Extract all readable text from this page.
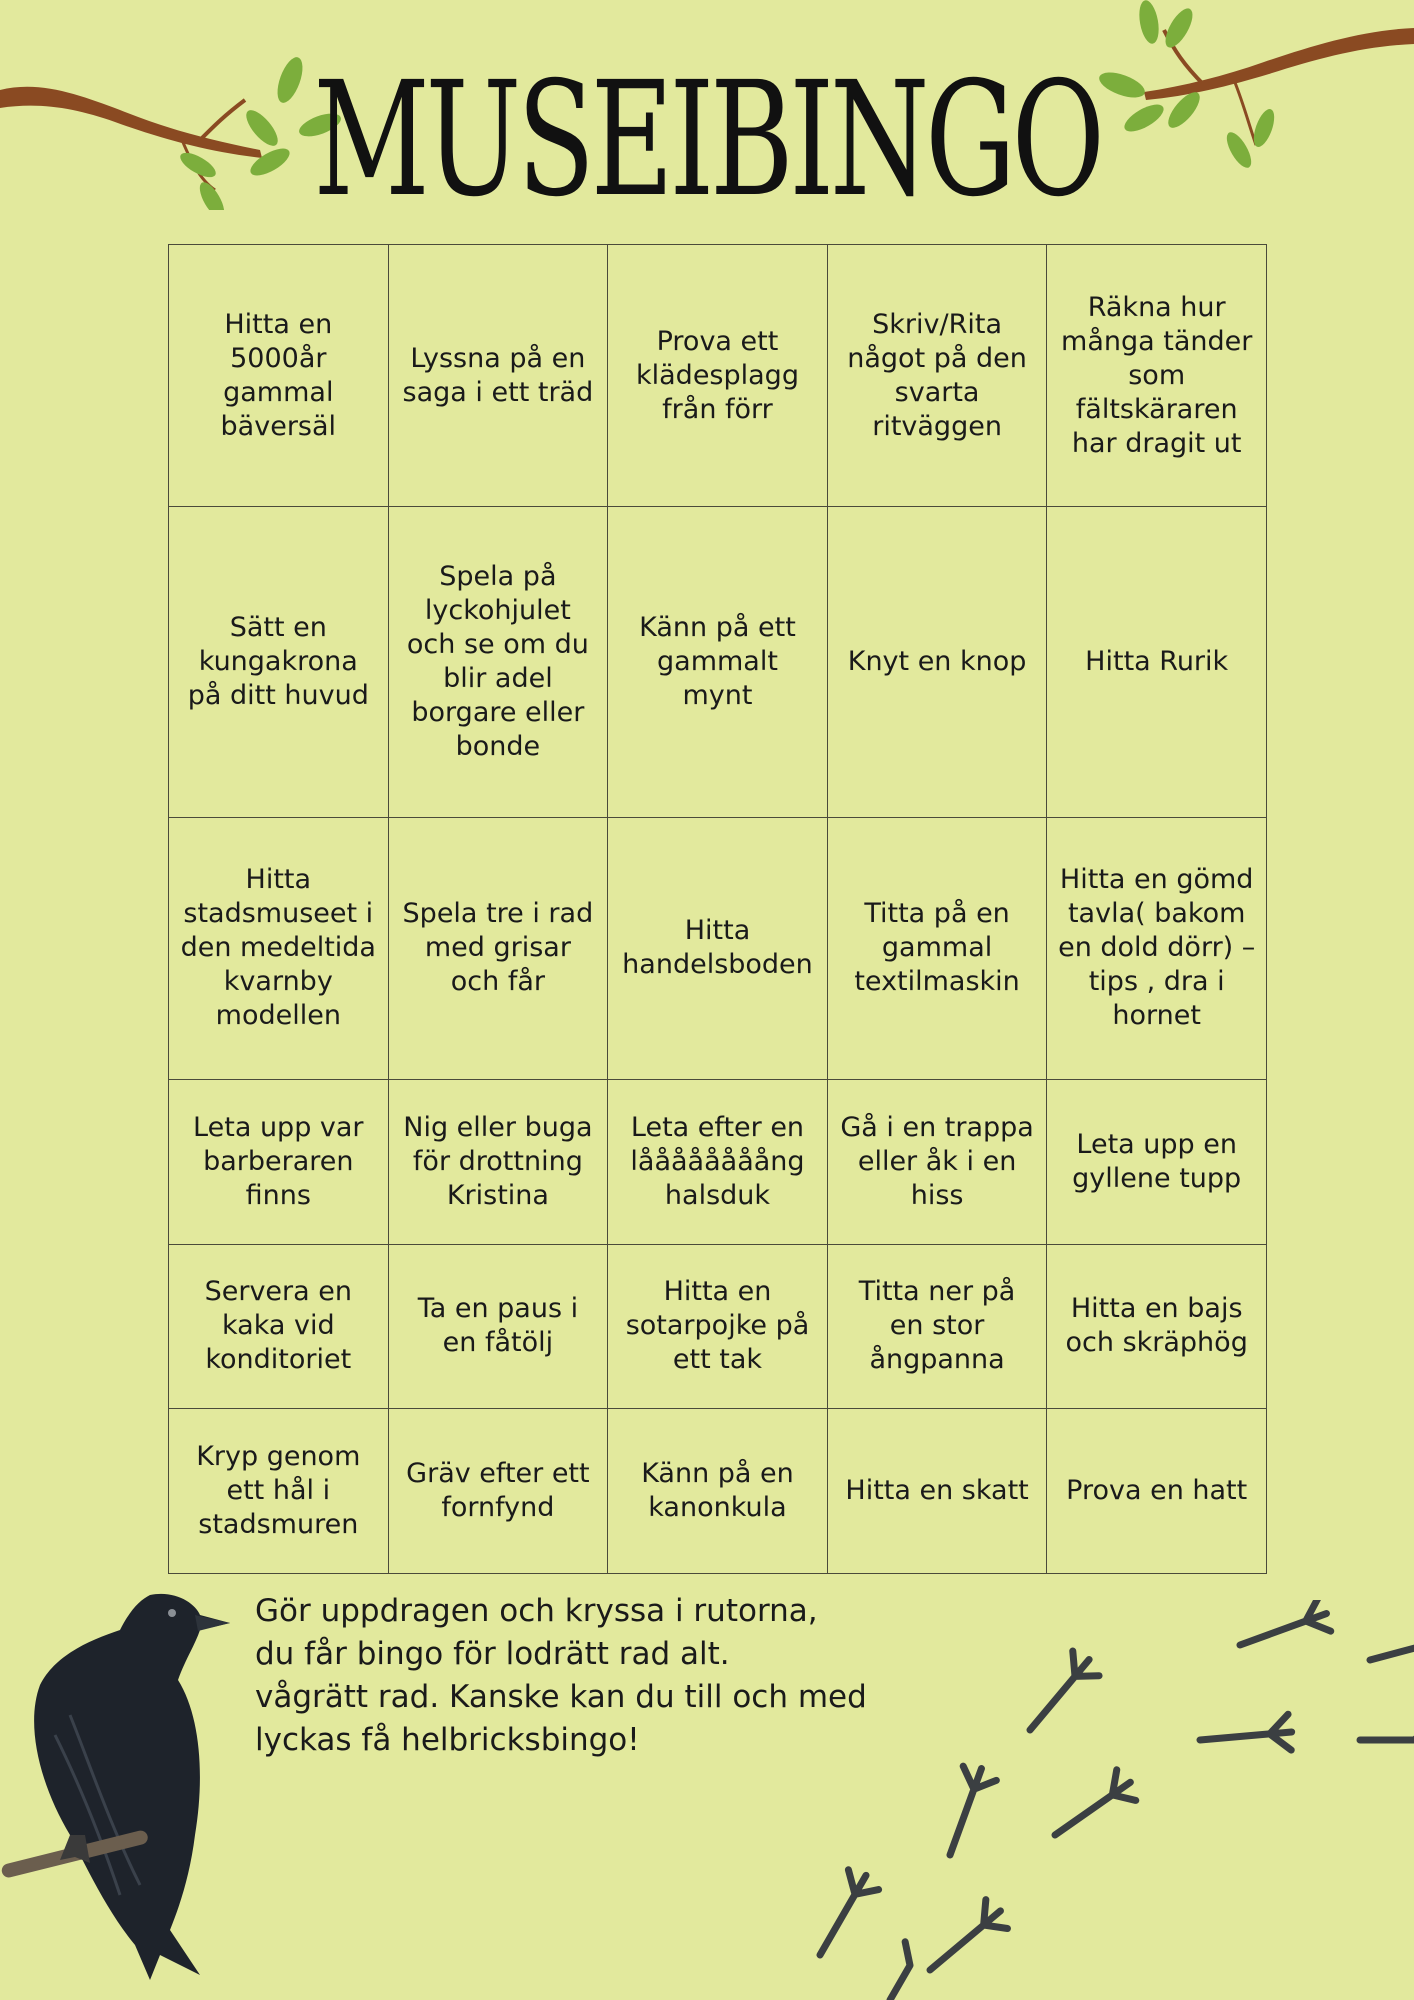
MUSEIBINGO
Hitta en 5000år gammal bäversäl	Lyssna på en saga i ett träd	Prova ett klädesplagg från förr	Skriv/Rita något på den svarta ritväggen	Räkna hur många tänder som fältskäraren har dragit ut
Sätt en kungakrona på ditt huvud	Spela på lyckohjulet och se om du blir adel borgare eller bonde	Känn på ett gammalt mynt	Knyt en knop	Hitta Rurik
Hitta stadsmuseet i den medeltida kvarnby modellen	Spela tre i rad med grisar och får	Hitta handelsboden	Titta på en gammal textilmaskin	Hitta en gömd tavla( bakom en dold dörr) – tips , dra i hornet
Leta upp var barberaren finns	Nig eller buga för drottning Kristina	Leta efter en låååååååång halsduk	Gå i en trappa eller åk i en hiss	Leta upp en gyllene tupp
Servera en kaka vid konditoriet	Ta en paus i en fåtölj	Hitta en sotarpojke på ett tak	Titta ner på en stor ångpanna	Hitta en bajs och skräphög
Kryp genom ett hål i stadsmuren	Gräv efter ett fornfynd	Känn på en kanonkula	Hitta en skatt	Prova en hatt

Gör uppdragen och kryssa i rutorna,

du får bingo för lodrätt rad alt.

vågrätt rad. Kanske kan du till och med

lyckas få helbricksbingo!
